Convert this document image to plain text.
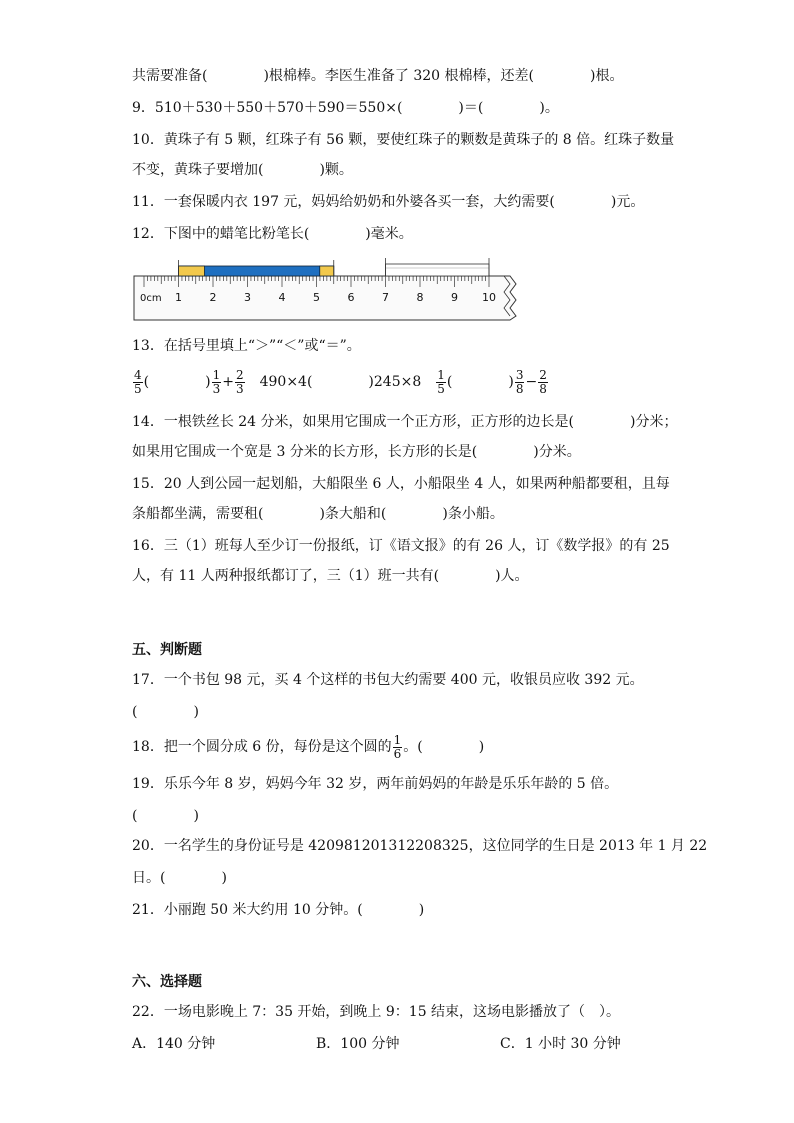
共需要准备(　　　　)根棉棒。李医生准备了 320 根棉棒，还差(　　　　)根。
9．510＋530＋550＋570＋590＝550×(　　　　)＝(　　　　)。
10．黄珠子有 5 颗，红珠子有 56 颗，要使红珠子的颗数是黄珠子的 8 倍。红珠子数量
不变，黄珠子要增加(　　　　)颗。
11．一套保暖内衣 197 元，妈妈给奶奶和外婆各买一套，大约需要(　　　　)元。
12．下图中的蜡笔比粉笔长(　　　　)毫米。
0cm 1	2	3	4	5	6	7	8	9 10
13．在括号里填上“＞”“＜”或“＝”。
$\frac{4}{5}$ (　　　　) $\frac{1}{3} + \frac{2}{3} 490\times 4$(　　　　)$245\times 8 \frac{1}{5}$ (　　　　) $\frac{3}{8} - \frac{2}{8}$
14．一根铁丝长 24 分米，如果用它围成一个正方形，正方形的边长是(　　　　)分米；
如果用它围成一个宽是 3 分米的长方形，长方形的长是(　　　　)分米。
15．20 人到公园一起划船，大船限坐 6 人，小船限坐 4 人，如果两种船都要租，且每
条船都坐满，需要租(　　　　)条大船和(　　　　)条小船。
16．三（1）班每人至少订一份报纸，订《语文报》的有 26 人，订《数学报》的有 25
人，有 11 人两种报纸都订了，三（1）班一共有(　　　　)人。
五、判断题
17．一个书包 98 元，买 4 个这样的书包大约需要 400 元，收银员应收 392 元。
(　　　　)
18．把一个圆分成 6 份，每份是这个圆的 $\frac{1}{6}$ 。(　　　　)
19．乐乐今年 8 岁，妈妈今年 32 岁，两年前妈妈的年龄是乐乐年龄的 5 倍。
(　　　　)
20．一名学生的身份证号是 420981201312208325，这位同学的生日是 2013 年 1 月 22
日。(　　　　)
21．小丽跑 50 米大约用 10 分钟。(　　　　)
六、选择题
22．一场电影晚上 7：35 开始，到晚上 9：15 结束，这场电影播放了（　）。
A．140 分钟	B．100 分钟	C．1 小时 30 分钟
